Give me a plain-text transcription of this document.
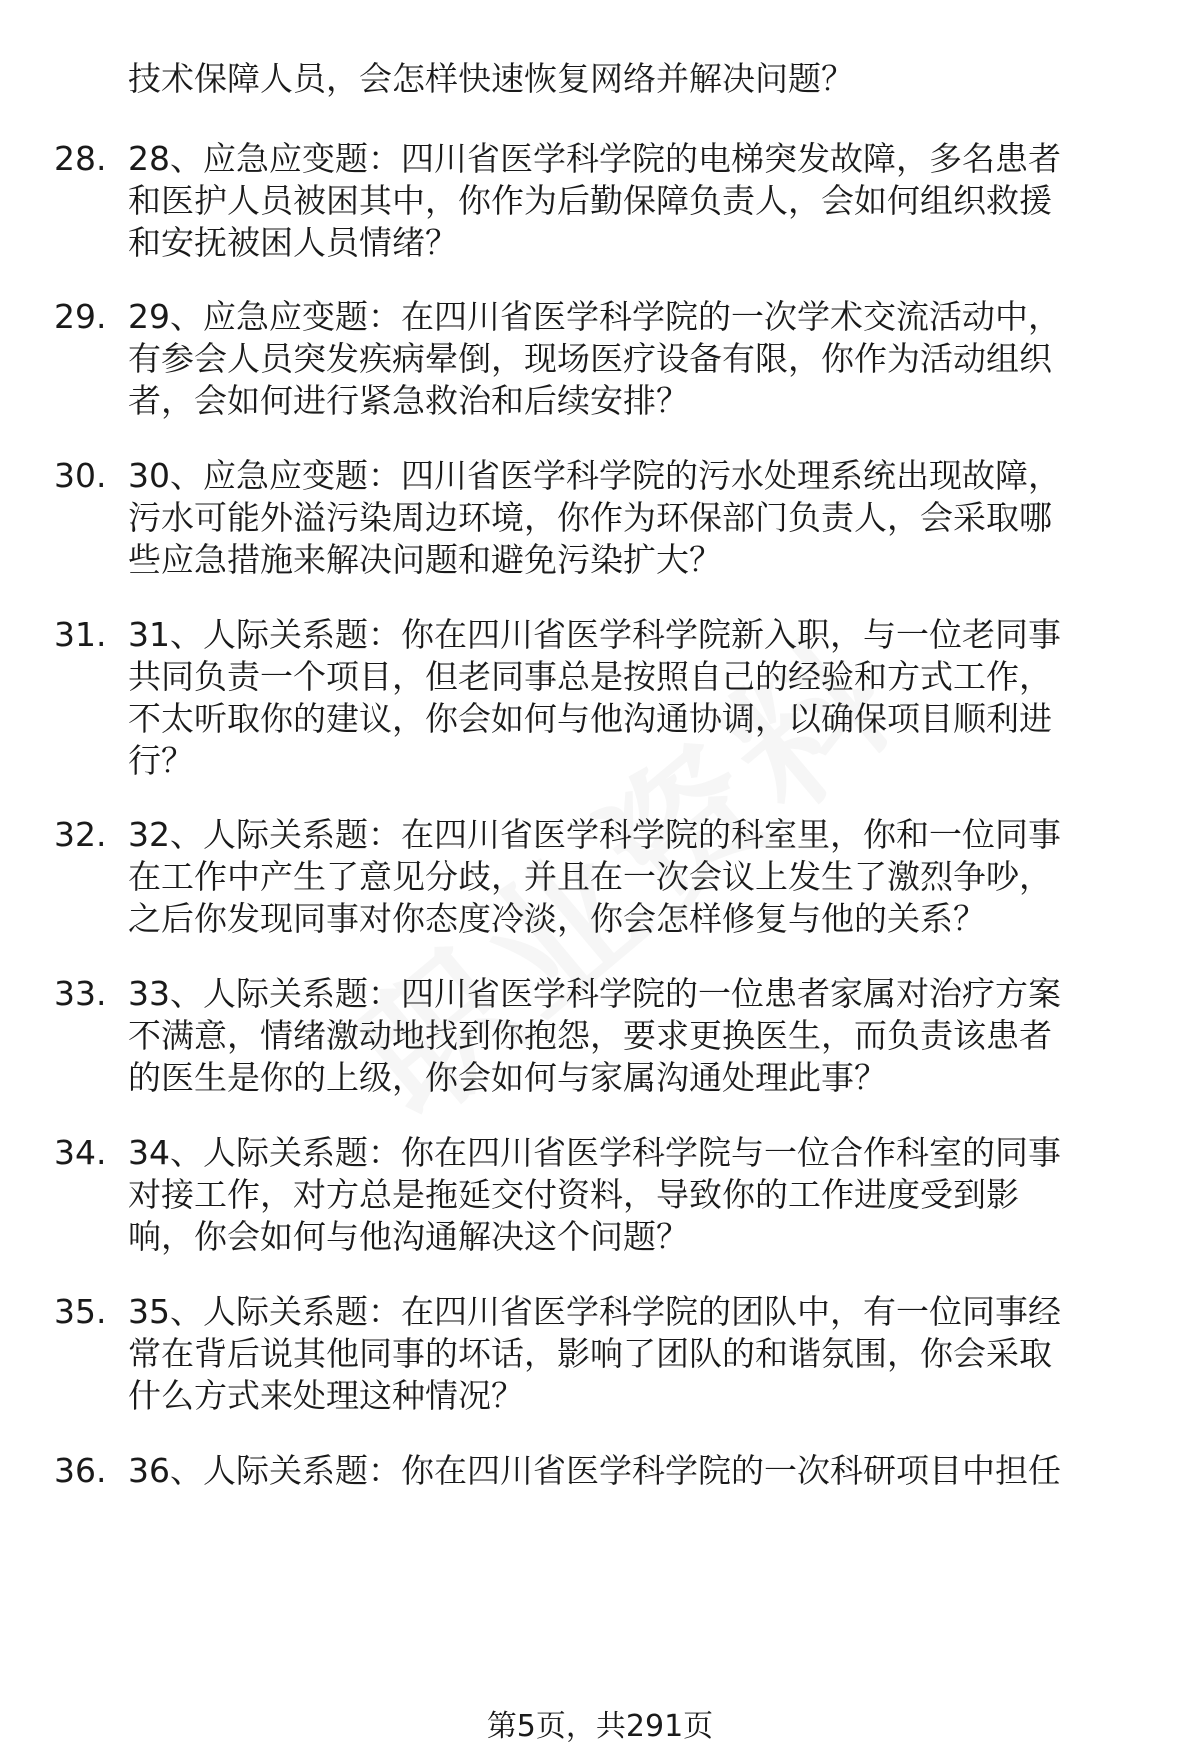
技术保障人员，会怎样快速恢复网络并解决问题？
28. 28、应急应变题：四川省医学科学院的电梯突发故障，多名患者
和医护人员被困其中，你作为后勤保障负责人，会如何组织救援
和安抚被困人员情绪？
29. 29、应急应变题：在四川省医学科学院的一次学术交流活动中，
有参会人员突发疾病晕倒，现场医疗设备有限，你作为活动组织
者，会如何进行紧急救治和后续安排？
30. 30、应急应变题：四川省医学科学院的污水处理系统出现故障，
污水可能外溢污染周边环境，你作为环保部门负责人，会采取哪
些应急措施来解决问题和避免污染扩大？
31. 31、人际关系题：你在四川省医学科学院新入职，与一位老同事
共同负责一个项目，但老同事总是按照自己的经验和方式工作，
不太听取你的建议，你会如何与他沟通协调，以确保项目顺利进
行？
32. 32、人际关系题：在四川省医学科学院的科室里，你和一位同事
在工作中产生了意见分歧，并且在一次会议上发生了激烈争吵，
之后你发现同事对你态度冷淡，你会怎样修复与他的关系？
33. 33、人际关系题：四川省医学科学院的一位患者家属对治疗方案
不满意，情绪激动地找到你抱怨，要求更换医生，而负责该患者
的医生是你的上级，你会如何与家属沟通处理此事？
34. 34、人际关系题：你在四川省医学科学院与一位合作科室的同事
对接工作，对方总是拖延交付资料，导致你的工作进度受到影
响，你会如何与他沟通解决这个问题？
35. 35、人际关系题：在四川省医学科学院的团队中，有一位同事经
常在背后说其他同事的坏话，影响了团队的和谐氛围，你会采取
什么方式来处理这种情况？
36. 36、人际关系题：你在四川省医学科学院的一次科研项目中担任
第5页，共291页
